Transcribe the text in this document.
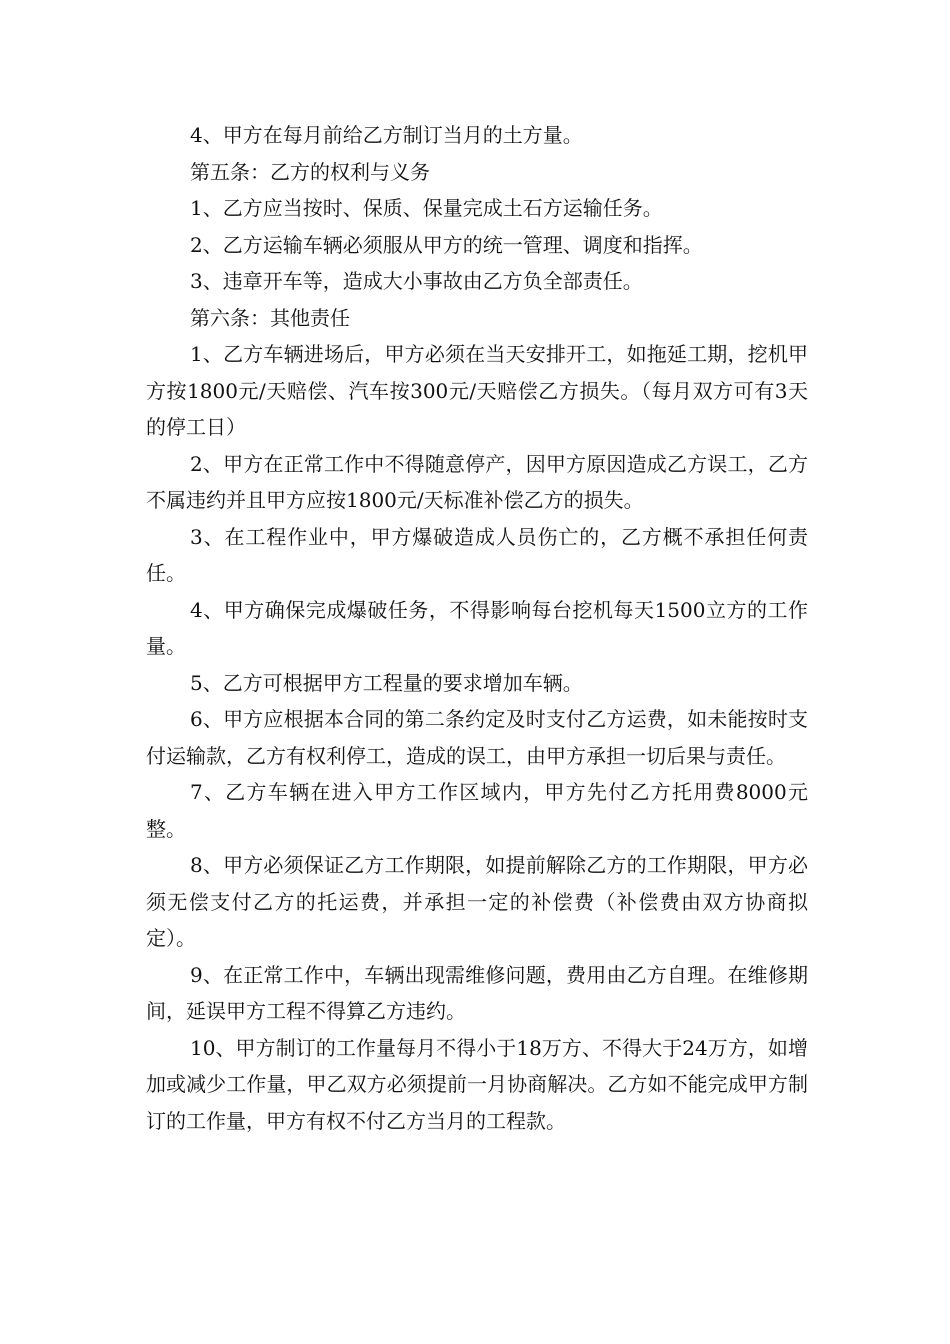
4、甲方在每月前给乙方制订当月的土方量。

第五条：乙方的权利与义务

1、乙方应当按时、保质、保量完成土石方运输任务。

2、乙方运输车辆必须服从甲方的统一管理、调度和指挥。

3、违章开车等，造成大小事故由乙方负全部责任。

第六条：其他责任

1、乙方车辆进场后，甲方必须在当天安排开工，如拖延工期，挖机甲方按1800元/天赔偿、汽车按300元/天赔偿乙方损失。（每月双方可有3天的停工日）

2、甲方在正常工作中不得随意停产，因甲方原因造成乙方误工，乙方不属违约并且甲方应按1800元/天标准补偿乙方的损失。

3、在工程作业中，甲方爆破造成人员伤亡的，乙方概不承担任何责任。

4、甲方确保完成爆破任务，不得影响每台挖机每天1500立方的工作量。

5、乙方可根据甲方工程量的要求增加车辆。

6、甲方应根据本合同的第二条约定及时支付乙方运费，如未能按时支付运输款，乙方有权利停工，造成的误工，由甲方承担一切后果与责任。

7、乙方车辆在进入甲方工作区域内，甲方先付乙方托用费8000元整。

8、甲方必须保证乙方工作期限，如提前解除乙方的工作期限，甲方必须无偿支付乙方的托运费，并承担一定的补偿费（补偿费由双方协商拟定）。

9、在正常工作中，车辆出现需维修问题，费用由乙方自理。在维修期间，延误甲方工程不得算乙方违约。

10、甲方制订的工作量每月不得小于18万方、不得大于24万方，如增加或减少工作量，甲乙双方必须提前一月协商解决。乙方如不能完成甲方制订的工作量，甲方有权不付乙方当月的工程款。
